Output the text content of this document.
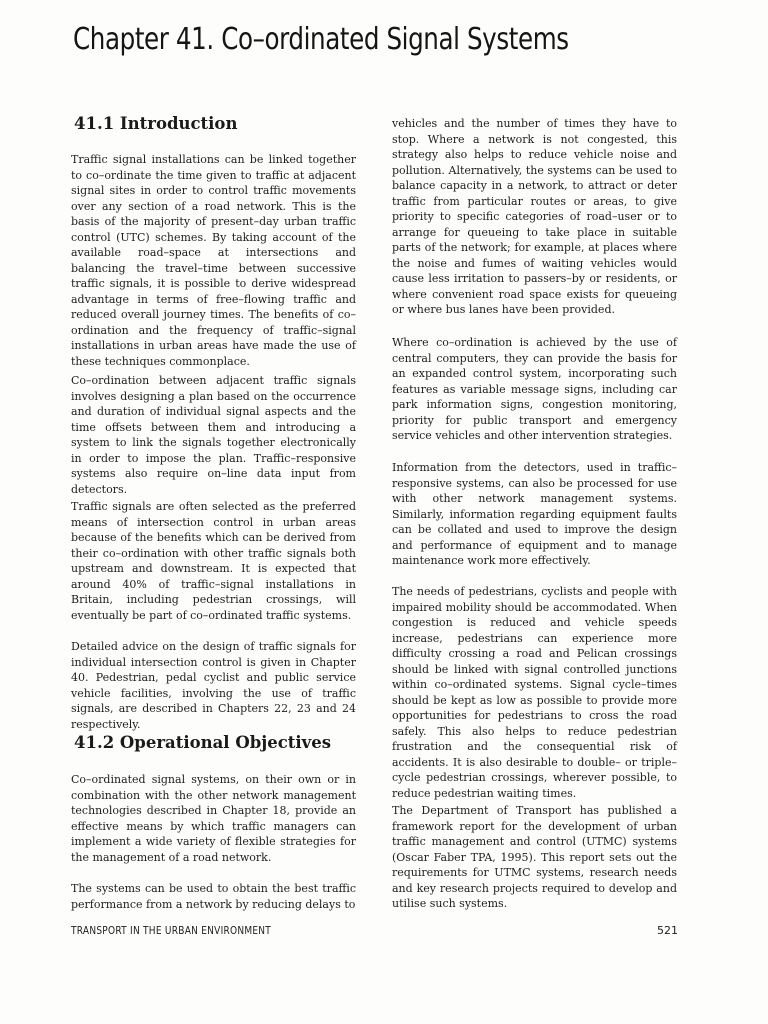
Chapter 41. Co–ordinated Signal Systems
41.1 Introduction

Traffic signal installations can be linked together to co–ordinate the time given to traffic at adjacent signal sites in order to control traffic movements over any section of a road network. This is the basis of the majority of present–day urban traffic control (UTC) schemes. By taking account of the available road–space at intersections and balancing the travel–time between successive traffic signals, it is possible to derive widespread advantage in terms of free–flowing traffic and reduced overall journey times. The benefits of co–ordination and the frequency of traffic–signal installations in urban areas have made the use of these techniques commonplace.

Co–ordination between adjacent traffic signals involves designing a plan based on the occurrence and duration of individual signal aspects and the time offsets between them and introducing a system to link the signals together electronically in order to impose the plan. Traffic–responsive systems also require on–line data input from detectors.

Traffic signals are often selected as the preferred means of intersection control in urban areas because of the benefits which can be derived from their co–ordination with other traffic signals both upstream and downstream. It is expected that around 40% of traffic–signal installations in Britain, including pedestrian crossings, will eventually be part of co–ordinated traffic systems.

Detailed advice on the design of traffic signals for individual intersection control is given in Chapter 40. Pedestrian, pedal cyclist and public service vehicle facilities, involving the use of traffic signals, are described in Chapters 22, 23 and 24 respectively.

41.2 Operational Objectives

Co–ordinated signal systems, on their own or in combination with the other network management technologies described in Chapter 18, provide an effective means by which traffic managers can implement a wide variety of flexible strategies for the management of a road network.

The systems can be used to obtain the best traffic performance from a network by reducing delays to

vehicles and the number of times they have to stop. Where a network is not congested, this strategy also helps to reduce vehicle noise and pollution. Alternatively, the systems can be used to balance capacity in a network, to attract or deter traffic from particular routes or areas, to give priority to specific categories of road–user or to arrange for queueing to take place in suitable parts of the network; for example, at places where the noise and fumes of waiting vehicles would cause less irritation to passers–by or residents, or where convenient road space exists for queueing or where bus lanes have been provided.

Where co–ordination is achieved by the use of central computers, they can provide the basis for an expanded control system, incorporating such features as variable message signs, including car park information signs, congestion monitoring, priority for public transport and emergency service vehicles and other intervention strategies.

Information from the detectors, used in traffic–responsive systems, can also be processed for use with other network management systems. Similarly, information regarding equipment faults can be collated and used to improve the design and performance of equipment and to manage maintenance work more effectively.

The needs of pedestrians, cyclists and people with impaired mobility should be accommodated. When congestion is reduced and vehicle speeds increase, pedestrians can experience more difficulty crossing a road and Pelican crossings should be linked with signal controlled junctions within co–ordinated systems. Signal cycle–times should be kept as low as possible to provide more opportunities for pedestrians to cross the road safely. This also helps to reduce pedestrian frustration and the consequential risk of accidents. It is also desirable to double– or triple–cycle pedestrian crossings, wherever possible, to reduce pedestrian waiting times.

The Department of Transport has published a framework report for the development of urban traffic management and control (UTMC) systems (Oscar Faber TPA, 1995). This report sets out the requirements for UTMC systems, research needs and key research projects required to develop and utilise such systems.

TRANSPORT IN THE URBAN ENVIRONMENT	521
